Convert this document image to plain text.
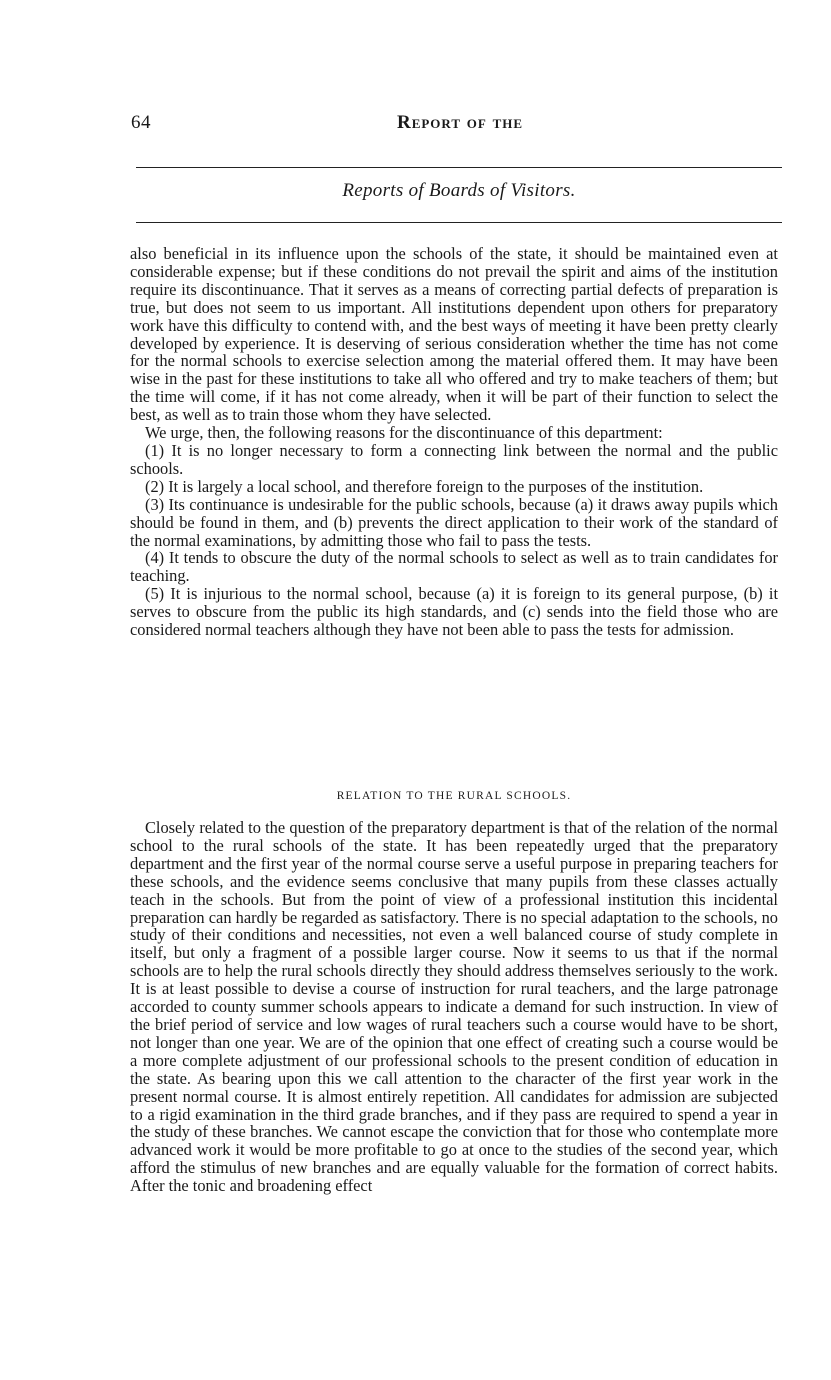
64	Report of the
Reports of Boards of Visitors.

also beneficial in its influence upon the schools of the state, it should be maintained even at considerable expense; but if these conditions do not prevail the spirit and aims of the institution require its discontinuance. That it serves as a means of correcting partial defects of preparation is true, but does not seem to us important. All institutions dependent upon others for preparatory work have this difficulty to contend with, and the best ways of meeting it have been pretty clearly developed by experience. It is deserving of serious consideration whether the time has not come for the normal schools to exercise selection among the material offered them. It may have been wise in the past for these institutions to take all who offered and try to make teachers of them; but the time will come, if it has not come already, when it will be part of their function to select the best, as well as to train those whom they have selected.

We urge, then, the following reasons for the discontinuance of this department:

(1) It is no longer necessary to form a connecting link between the normal and the public schools.

(2) It is largely a local school, and therefore foreign to the purposes of the institution.

(3) Its continuance is undesirable for the public schools, because (a) it draws away pupils which should be found in them, and (b) prevents the direct application to their work of the standard of the normal examinations, by admitting those who fail to pass the tests.

(4) It tends to obscure the duty of the normal schools to select as well as to train candidates for teaching.

(5) It is injurious to the normal school, because (a) it is foreign to its general purpose, (b) it serves to obscure from the public its high standards, and (c) sends into the field those who are considered normal teachers although they have not been able to pass the tests for admission.

RELATION TO THE RURAL SCHOOLS.

Closely related to the question of the preparatory department is that of the relation of the normal school to the rural schools of the state. It has been repeatedly urged that the preparatory department and the first year of the normal course serve a useful purpose in preparing teachers for these schools, and the evidence seems conclusive that many pupils from these classes actually teach in the schools. But from the point of view of a professional institution this incidental preparation can hardly be regarded as satisfactory. There is no special adaptation to the schools, no study of their conditions and necessities, not even a well balanced course of study complete in itself, but only a fragment of a possible larger course. Now it seems to us that if the normal schools are to help the rural schools directly they should address themselves seriously to the work. It is at least possible to devise a course of instruction for rural teachers, and the large patronage accorded to county summer schools appears to indicate a demand for such instruction. In view of the brief period of service and low wages of rural teachers such a course would have to be short, not longer than one year. We are of the opinion that one effect of creating such a course would be a more complete adjustment of our professional schools to the present condition of education in the state. As bearing upon this we call attention to the character of the first year work in the present normal course. It is almost entirely repetition. All candidates for admission are subjected to a rigid examination in the third grade branches, and if they pass are required to spend a year in the study of these branches. We cannot escape the conviction that for those who contemplate more advanced work it would be more profitable to go at once to the studies of the second year, which afford the stimulus of new branches and are equally valuable for the formation of correct habits. After the tonic and broadening effect
